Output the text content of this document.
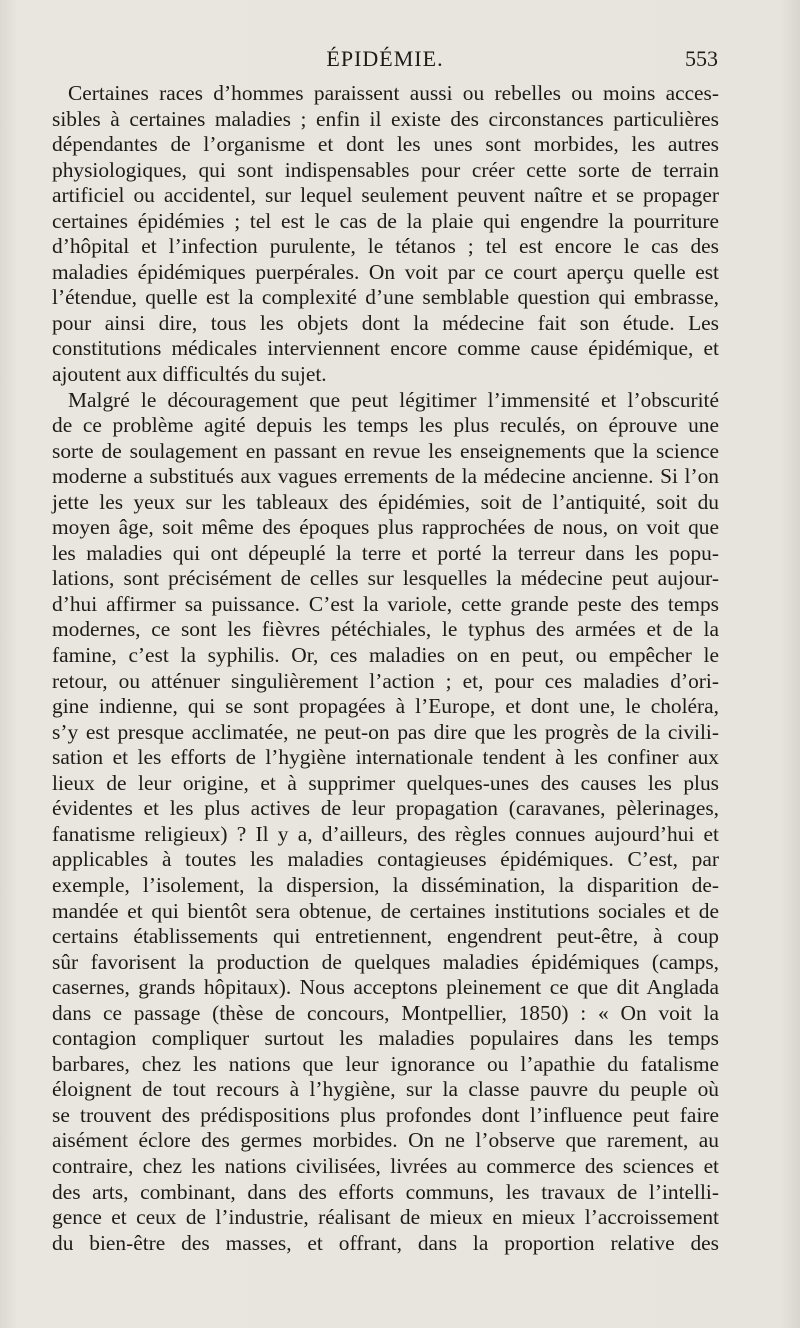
ÉPIDÉMIE.	553
Certaines races d’hommes paraissent aussi ou rebelles ou moins acces-
sibles à certaines maladies ; enfin il existe des circonstances particulières
dépendantes de l’organisme et dont les unes sont morbides, les autres
physiologiques, qui sont indispensables pour créer cette sorte de terrain
artificiel ou accidentel, sur lequel seulement peuvent naître et se propager
certaines épidémies ; tel est le cas de la plaie qui engendre la pourriture
d’hôpital et l’infection purulente, le tétanos ; tel est encore le cas des
maladies épidémiques puerpérales. On voit par ce court aperçu quelle est
l’étendue, quelle est la complexité d’une semblable question qui embrasse,
pour ainsi dire, tous les objets dont la médecine fait son étude. Les
constitutions médicales interviennent encore comme cause épidémique, et
ajoutent aux difficultés du sujet.
Malgré le découragement que peut légitimer l’immensité et l’obscurité
de ce problème agité depuis les temps les plus reculés, on éprouve une
sorte de soulagement en passant en revue les enseignements que la science
moderne a substitués aux vagues errements de la médecine ancienne. Si l’on
jette les yeux sur les tableaux des épidémies, soit de l’antiquité, soit du
moyen âge, soit même des époques plus rapprochées de nous, on voit que
les maladies qui ont dépeuplé la terre et porté la terreur dans les popu-
lations, sont précisément de celles sur lesquelles la médecine peut aujour-
d’hui affirmer sa puissance. C’est la variole, cette grande peste des temps
modernes, ce sont les fièvres pétéchiales, le typhus des armées et de la
famine, c’est la syphilis. Or, ces maladies on en peut, ou empêcher le
retour, ou atténuer singulièrement l’action ; et, pour ces maladies d’ori-
gine indienne, qui se sont propagées à l’Europe, et dont une, le choléra,
s’y est presque acclimatée, ne peut-on pas dire que les progrès de la civili-
sation et les efforts de l’hygiène internationale tendent à les confiner aux
lieux de leur origine, et à supprimer quelques-unes des causes les plus
évidentes et les plus actives de leur propagation (caravanes, pèlerinages,
fanatisme religieux) ? Il y a, d’ailleurs, des règles connues aujourd’hui et
applicables à toutes les maladies contagieuses épidémiques. C’est, par
exemple, l’isolement, la dispersion, la dissémination, la disparition de-
mandée et qui bientôt sera obtenue, de certaines institutions sociales et de
certains établissements qui entretiennent, engendrent peut-être, à coup
sûr favorisent la production de quelques maladies épidémiques (camps,
casernes, grands hôpitaux). Nous acceptons pleinement ce que dit Anglada
dans ce passage (thèse de concours, Montpellier, 1850) : « On voit la
contagion compliquer surtout les maladies populaires dans les temps
barbares, chez les nations que leur ignorance ou l’apathie du fatalisme
éloignent de tout recours à l’hygiène, sur la classe pauvre du peuple où
se trouvent des prédispositions plus profondes dont l’influence peut faire
aisément éclore des germes morbides. On ne l’observe que rarement, au
contraire, chez les nations civilisées, livrées au commerce des sciences et
des arts, combinant, dans des efforts communs, les travaux de l’intelli-
gence et ceux de l’industrie, réalisant de mieux en mieux l’accroissement
du bien-être des masses, et offrant, dans la proportion relative des
